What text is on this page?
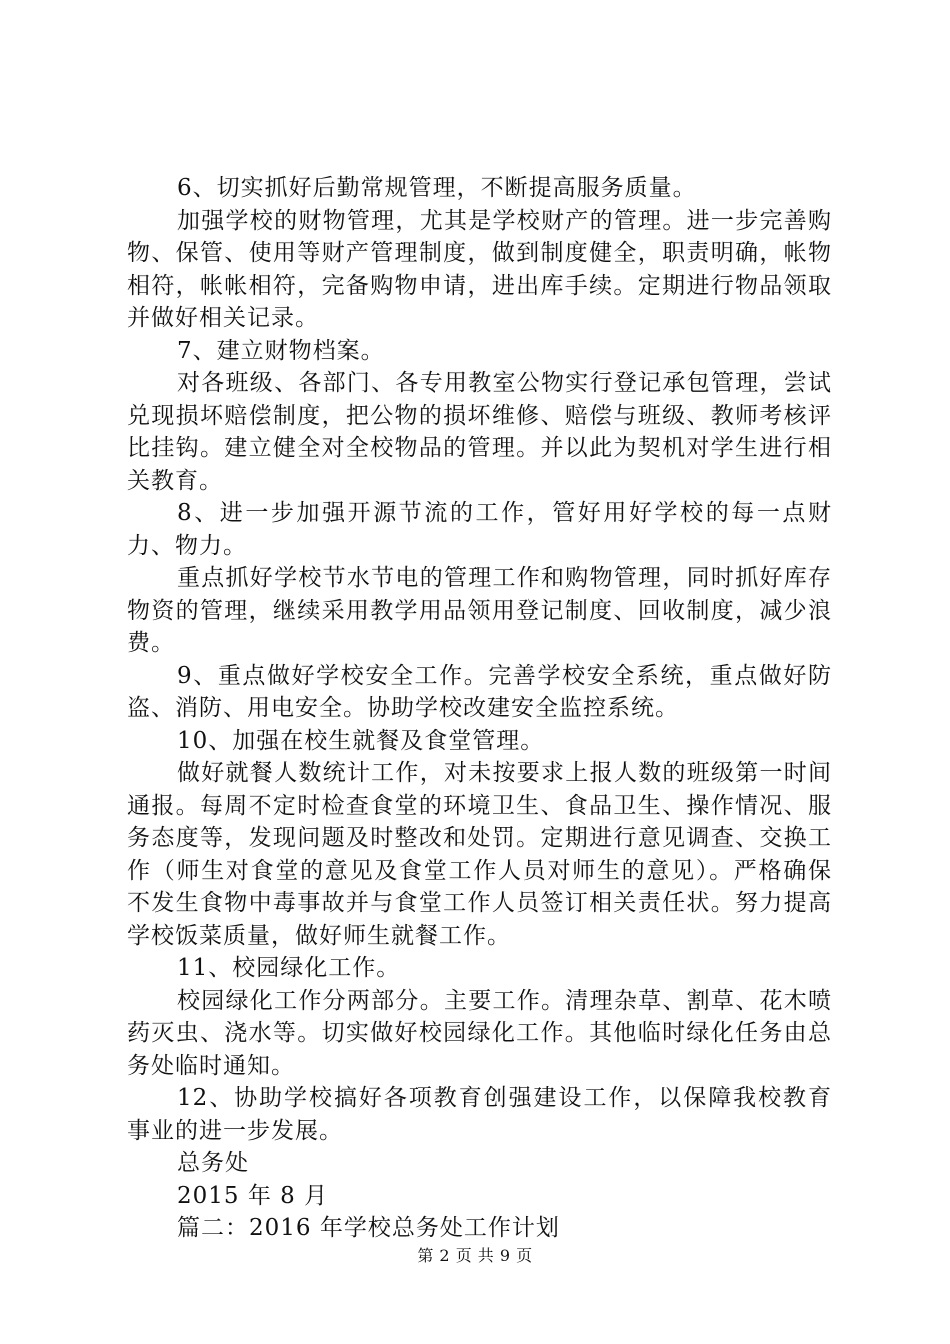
6、切实抓好后勤常规管理，不断提高服务质量。

加强学校的财物管理，尤其是学校财产的管理。进一步完善购物、保管、使用等财产管理制度，做到制度健全，职责明确，帐物相符，帐帐相符，完备购物申请，进出库手续。定期进行物品领取并做好相关记录。

7、建立财物档案。

对各班级、各部门、各专用教室公物实行登记承包管理，尝试兑现损坏赔偿制度，把公物的损坏维修、赔偿与班级、教师考核评比挂钩。建立健全对全校物品的管理。并以此为契机对学生进行相关教育。

8、进一步加强开源节流的工作，管好用好学校的每一点财力、物力。

重点抓好学校节水节电的管理工作和购物管理，同时抓好库存物资的管理，继续采用教学用品领用登记制度、回收制度，减少浪费。

9、重点做好学校安全工作。完善学校安全系统，重点做好防盗、消防、用电安全。协助学校改建安全监控系统。

10、加强在校生就餐及食堂管理。

做好就餐人数统计工作，对未按要求上报人数的班级第一时间通报。每周不定时检查食堂的环境卫生、食品卫生、操作情况、服务态度等，发现问题及时整改和处罚。定期进行意见调查、交换工作（师生对食堂的意见及食堂工作人员对师生的意见）。严格确保不发生食物中毒事故并与食堂工作人员签订相关责任状。努力提高学校饭菜质量，做好师生就餐工作。

11、校园绿化工作。

校园绿化工作分两部分。主要工作。清理杂草、割草、花木喷药灭虫、浇水等。切实做好校园绿化工作。其他临时绿化任务由总务处临时通知。

12、协助学校搞好各项教育创强建设工作，以保障我校教育事业的进一步发展。

总务处

2015 年 8 月

篇二：2016 年学校总务处工作计划

第 2 页 共 9 页
